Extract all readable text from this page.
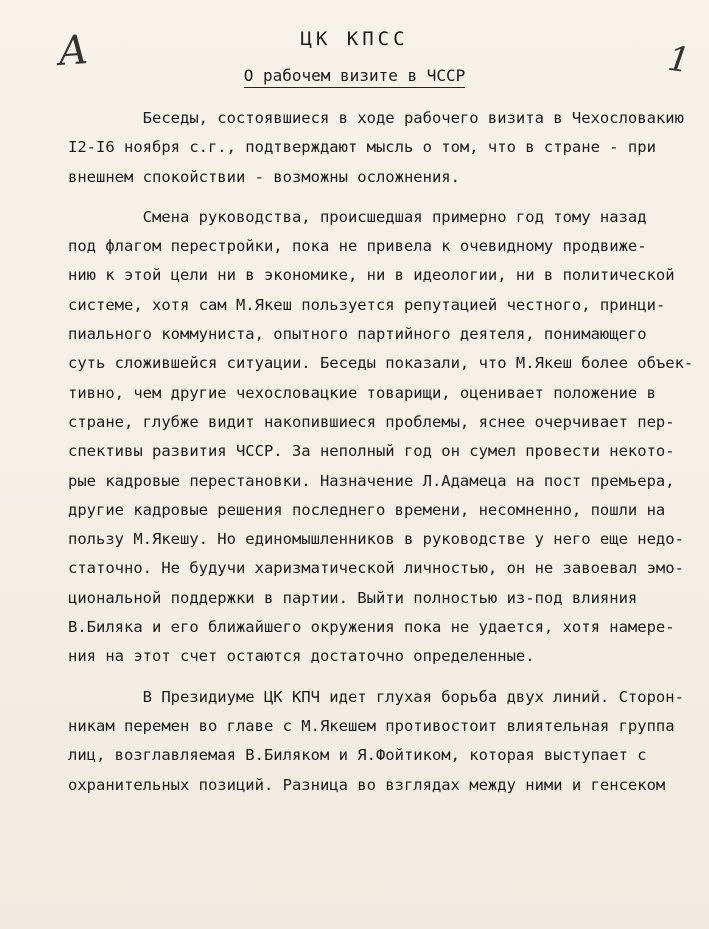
А	1
ЦК КПСС
О рабочем визите в ЧССР
Беседы, состоявшиеся в ходе рабочего визита в Чехословакию
I2-I6 ноября с.г., подтверждают мысль о том, что в стране - при
внешнем спокойствии - возможны осложнения.
Смена руководства, происшедшая примерно год тому назад
под флагом перестройки, пока не привела к очевидному продвиже-
нию к этой цели ни в экономике, ни в идеологии, ни в политической
системе, хотя сам М.Якеш пользуется репутацией честного, принци-
пиального коммуниста, опытного партийного деятеля, понимающего
суть сложившейся ситуации. Беседы показали, что М.Якеш более объек-
тивно, чем другие чехословацкие товарищи, оценивает положение в
стране, глубже видит накопившиеся проблемы, яснее очерчивает пер-
спективы развития ЧССР. За неполный год он сумел провести некото-
рые кадровые перестановки. Назначение Л.Адамеца на пост премьера,
другие кадровые решения последнего времени, несомненно, пошли на
пользу М.Якешу. Но единомышленников в руководстве у него еще недо-
статочно. Не будучи харизматической личностью, он не завоевал эмо-
циональной поддержки в партии. Выйти полностью из-под влияния
В.Биляка и его ближайшего окружения пока не удается, хотя намере-
ния на этот счет остаются достаточно определенные.
В Президиуме ЦК КПЧ идет глухая борьба двух линий. Сторон-
никам перемен во главе с М.Якешем противостоит влиятельная группа
лиц, возглавляемая В.Биляком и Я.Фойтиком, которая выступает с
охранительных позиций. Разница во взглядах между ними и генсеком
